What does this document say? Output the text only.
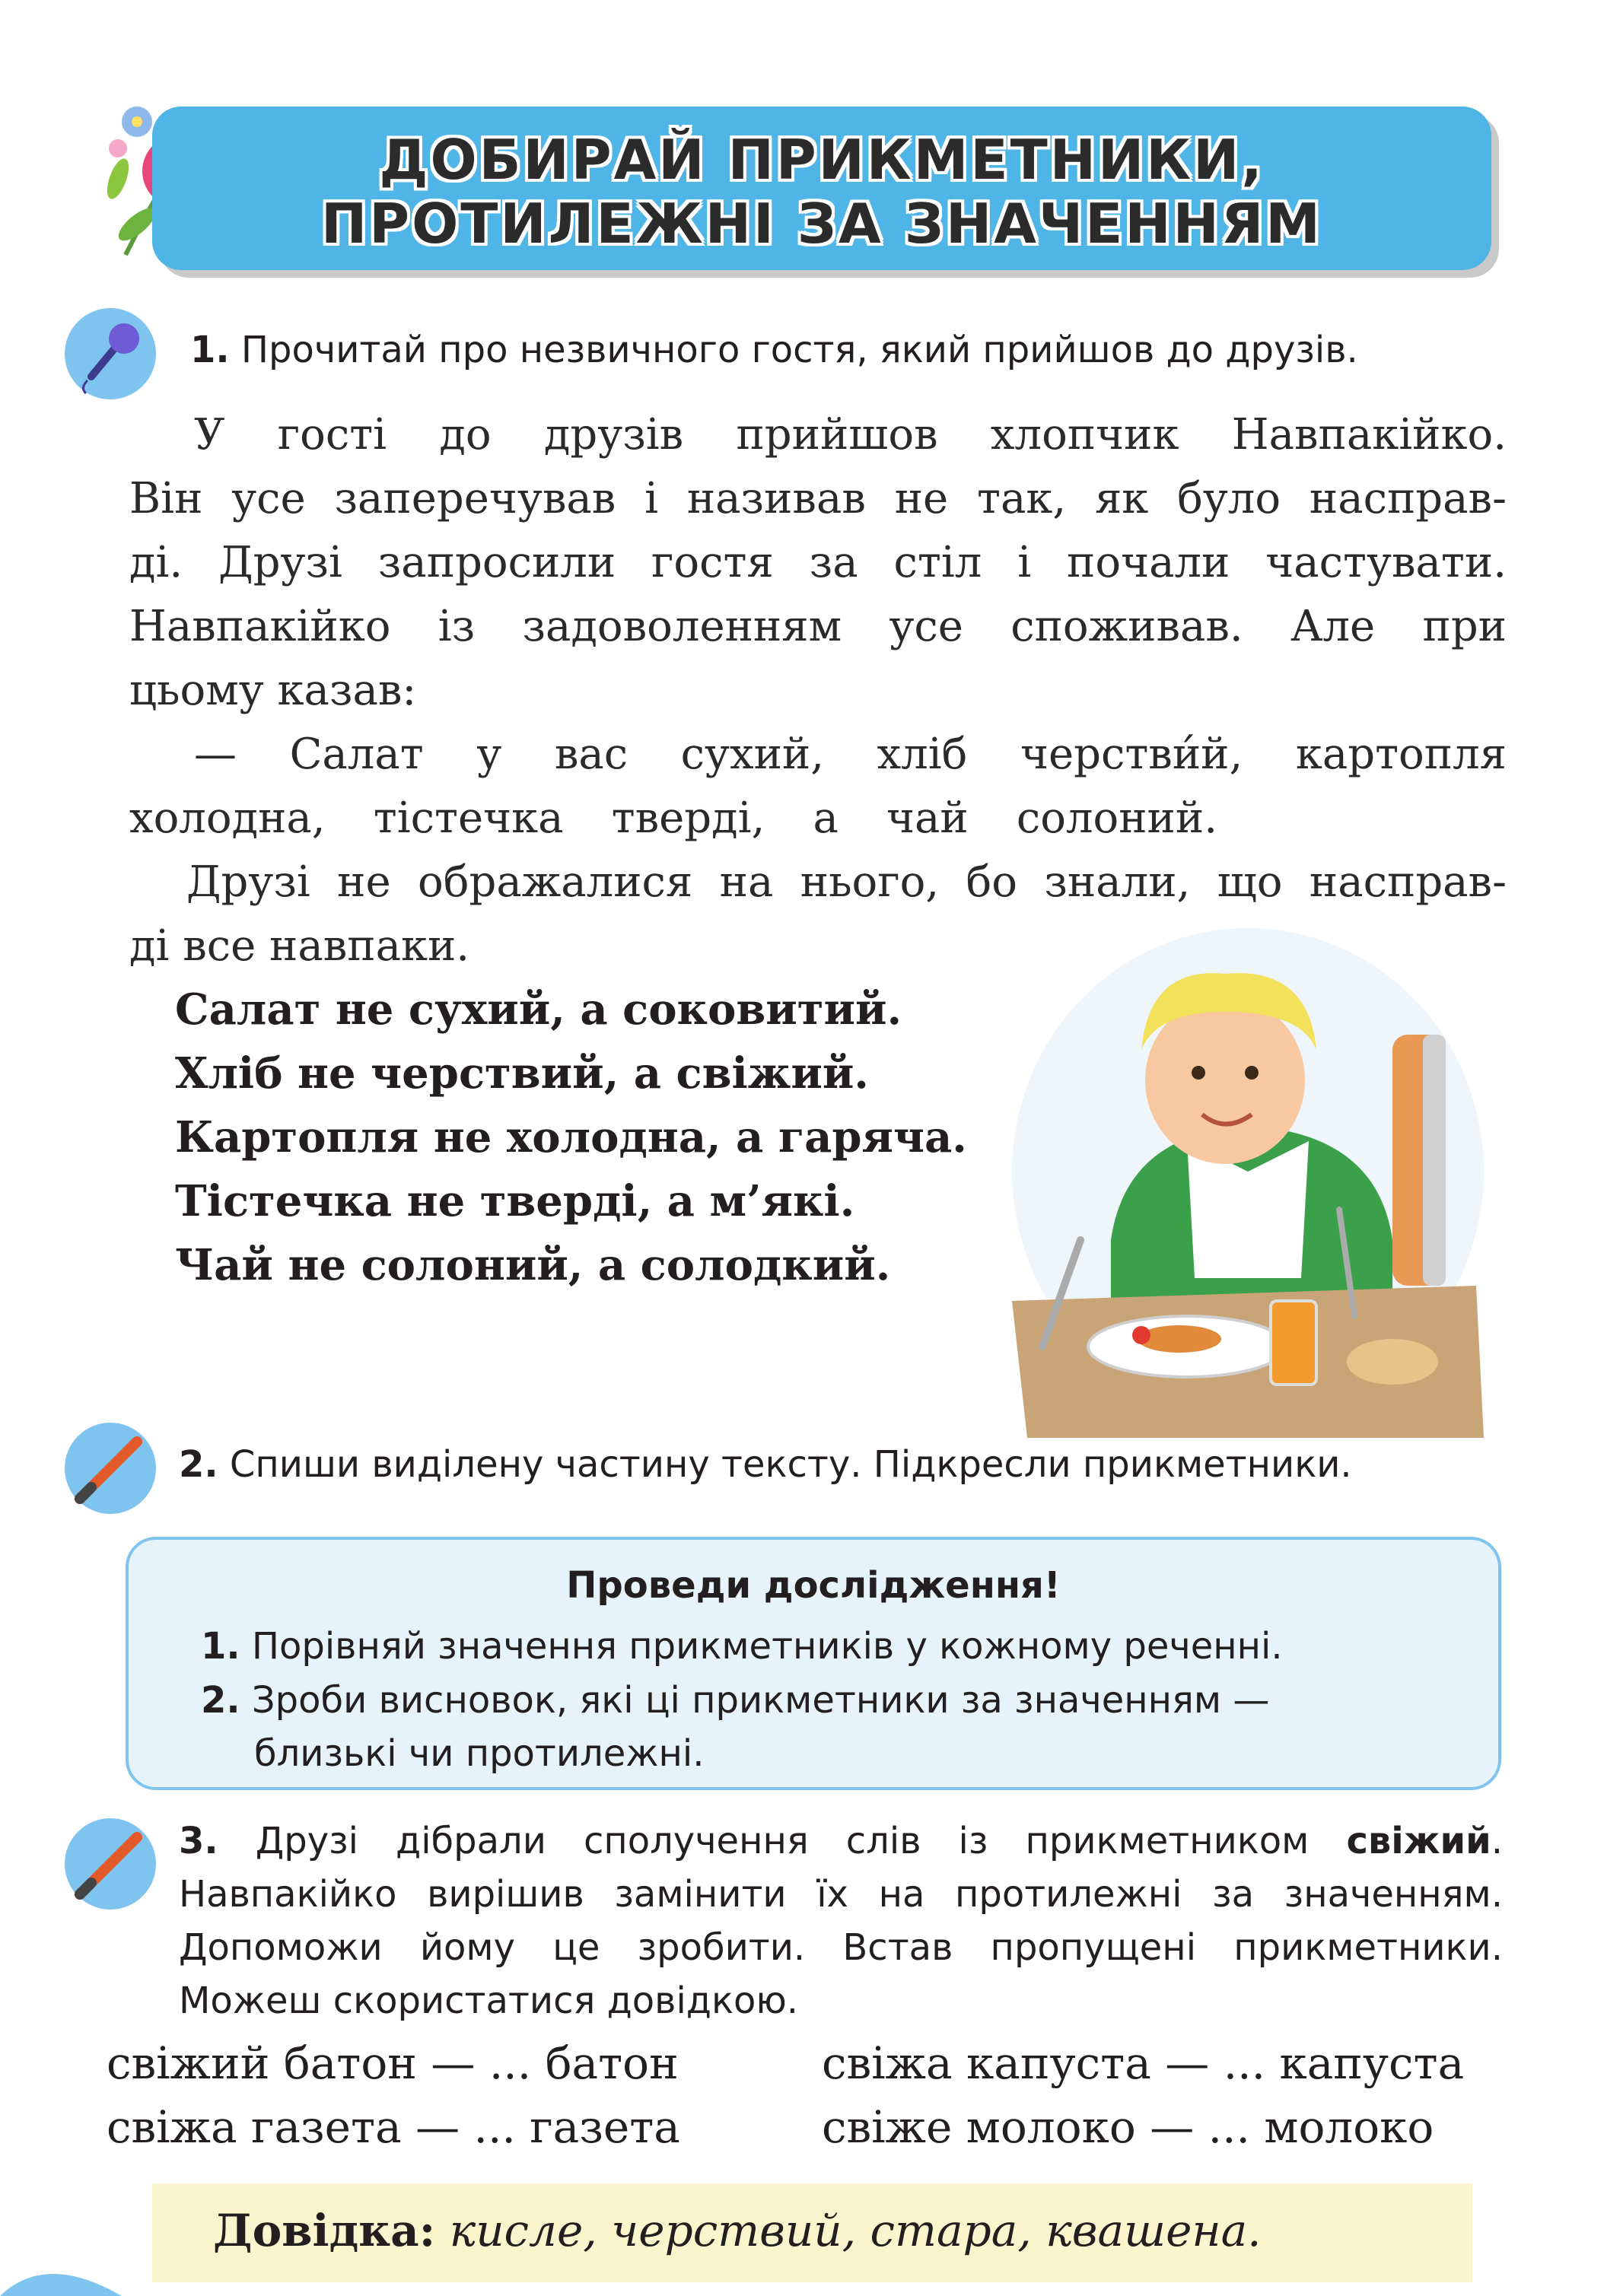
ДОБИРАЙ ПРИКМЕТНИКИ,
ПРОТИЛЕЖНІ ЗА ЗНАЧЕННЯМ
1. Прочитай про незвичного гостя, який прийшов до друзів.
У гості до друзів прийшов хлопчик Навпакійко.
Він усе заперечував і називав не так, як було насправ-
ді. Друзі запросили гостя за стіл і почали частувати.
Навпакійко із задоволенням усе споживав. Але при
цьому казав:
— Салат у вас сухий, хліб черстви́й, картопля
холодна, тістечка тверді, а чай солоний.
Друзі не ображалися на нього, бо знали, що насправ-
ді все навпаки.
Салат не сухий, а соковитий.
Хліб не черствий, а свіжий.
Картопля не холодна, а гаряча.
Тістечка не тверді, а м’які.
Чай не солоний, а солодкий.
2. Спиши виділену частину тексту. Підкресли прикметники.
Проведи дослідження!
1. Порівняй значення прикметників у кожному реченні.
2. Зроби висновок, які ці прикметники за значенням —
близькі чи протилежні.
3. Друзі дібрали сполучення слів із прикметником свіжий.
Навпакійко вирішив замінити їх на протилежні за значенням.
Допоможи йому це зробити. Встав пропущені прикметники.
Можеш скористатися довідкою.
свіжий батон — ... батон	свіжа капуста — ... капуста
свіжа газета — ... газета	свіже молоко — ... молоко
Довідка: кисле, черствий, стара, квашена.
